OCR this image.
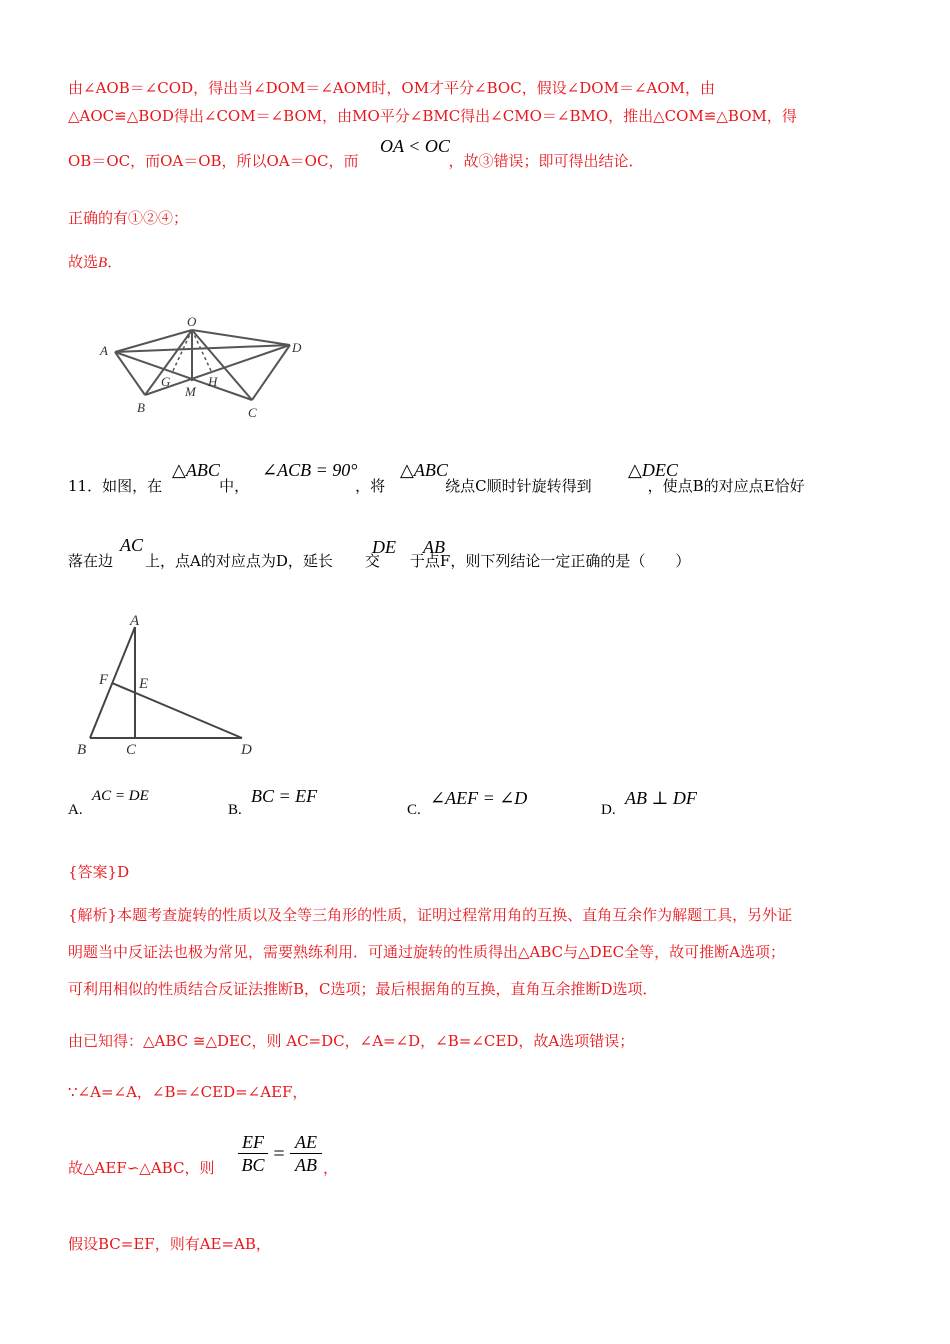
由∠AOB＝∠COD，得出当∠DOM＝∠AOM时，OM才平分∠BOC，假设∠DOM＝∠AOM，由
△AOC≌△BOD得出∠COM＝∠BOM，由MO平分∠BMC得出∠CMO＝∠BMO，推出△COM≌△BOM，得
OB＝OC，而OA＝OB，所以OA＝OC，而	，故③错误；即可得出结论．
OA < OC
正确的有①②④；
故选B．
O
A
B	C
D
G	H
M
11．如图，在	中，	，将	绕点C顺时针旋转得到	，使点B的对应点E恰好
△ABC ∠ACB = 90° △ABC	△DEC
落在边 上，点A的对应点为D，延长 交 于点F，则下列结论一定正确的是（　　）
AC	DE AB
A
F E
B	C	D
A.
AC = DE
B.
BC = EF
C.
∠AEF = ∠D
D.
AB ⊥ DF
{答案}D
{解析}本题考查旋转的性质以及全等三角形的性质，证明过程常用角的互换、直角互余作为解题工具，另外证
明题当中反证法也极为常见，需要熟练利用．可通过旋转的性质得出△ABC与△DEC全等，故可推断A选项；
可利用相似的性质结合反证法推断B，C选项；最后根据角的互换，直角互余推断D选项．
由已知得：△ABC ≅△DEC，则 AC=DC，∠A=∠D，∠B=∠CED，故A选项错误；
∵∠A=∠A，∠B=∠CED=∠AEF，
故△AEF∽△ABC，则 $\frac{EF}{BC} = \frac{AE}{AB}$ ，
假设BC=EF，则有AE=AB，
